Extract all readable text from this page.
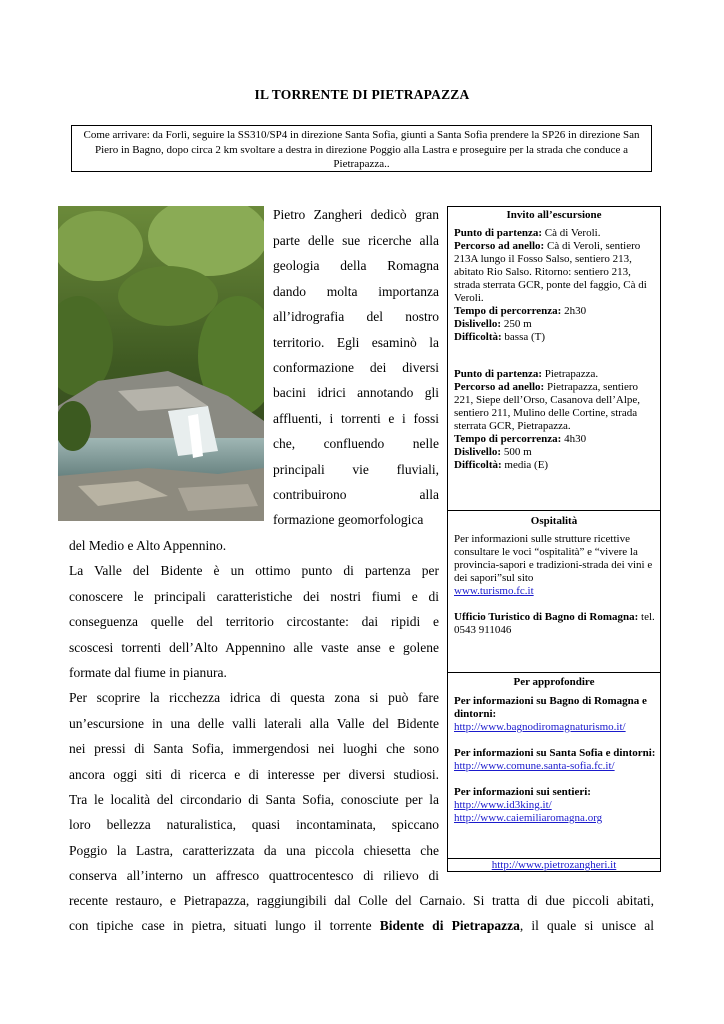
IL TORRENTE DI PIETRAPAZZA
Come arrivare: da Forlì, seguire la SS310/SP4 in direzione Santa Sofia, giunti a Santa Sofia prendere la SP26 in direzione San Piero in Bagno, dopo circa 2 km svoltare a destra in direzione Poggio alla Lastra e proseguire per la strada che conduce a Pietrapazza..
Pietro Zangheri dedicò gran
parte delle sue ricerche alla
geologia della Romagna
dando molta importanza
all’idrografia del nostro
territorio. Egli esaminò la
conformazione dei diversi
bacini idrici annotando gli
affluenti, i torrenti e i fossi
che, confluendo nelle
principali vie fluviali,
contribuirono alla
formazione geomorfologica
del Medio e Alto Appennino.
La Valle del Bidente è un ottimo punto di partenza per
conoscere le principali caratteristiche dei nostri fiumi e di
conseguenza quelle del territorio circostante: dai ripidi e
scoscesi torrenti dell’Alto Appennino alle vaste anse e golene
formate dal fiume in pianura.
Per scoprire la ricchezza idrica di questa zona si può fare
un’escursione in una delle valli laterali alla Valle del Bidente
nei pressi di Santa Sofia, immergendosi nei luoghi che sono
ancora oggi siti di ricerca e di interesse per diversi studiosi.
Tra le località del circondario di Santa Sofia, conosciute per la
loro bellezza naturalistica, quasi incontaminata, spiccano
Poggio la Lastra, caratterizzata da una piccola chiesetta che
conserva all’interno un affresco quattrocentesco di rilievo di
recente restauro, e Pietrapazza, raggiungibili dal Colle del Carnaio. Si tratta di due piccoli abitati,
con tipiche case in pietra, situati lungo il torrente Bidente di Pietrapazza, il quale si unisce al
Invito all’escursione

Punto di partenza: Cà di Veroli.

Percorso ad anello: Cà di Veroli, sentiero 213A lungo il Fosso Salso, sentiero 213, abitato Rio Salso. Ritorno: sentiero 213, strada sterrata GCR, ponte del faggio, Cà di Veroli.

Tempo di percorrenza: 2h30

Dislivello: 250 m

Difficoltà: bassa (T)

Punto di partenza: Pietrapazza.

Percorso ad anello: Pietrapazza, sentiero 221, Siepe dell’Orso, Casanova dell’Alpe, sentiero 211, Mulino delle Cortine, strada sterrata GCR, Pietrapazza.

Tempo di percorrenza: 4h30

Dislivello: 500 m

Difficoltà: media (E)

Ospitalità

Per informazioni sulle strutture ricettive consultare le voci “ospitalità” e “vivere la provincia-sapori e tradizioni-strada dei vini e dei sapori”sul sito

www.turismo.fc.it

Ufficio Turistico di Bagno di Romagna: tel. 0543 911046

Per approfondire

Per informazioni su Bagno di Romagna e dintorni:

http://www.bagnodiromagnaturismo.it/

Per informazioni su Santa Sofia e dintorni:

http://www.comune.santa-sofia.fc.it/

Per informazioni sui sentieri:

http://www.id3king.it/

http://www.caiemiliaromagna.org

http://www.pietrozangheri.it
